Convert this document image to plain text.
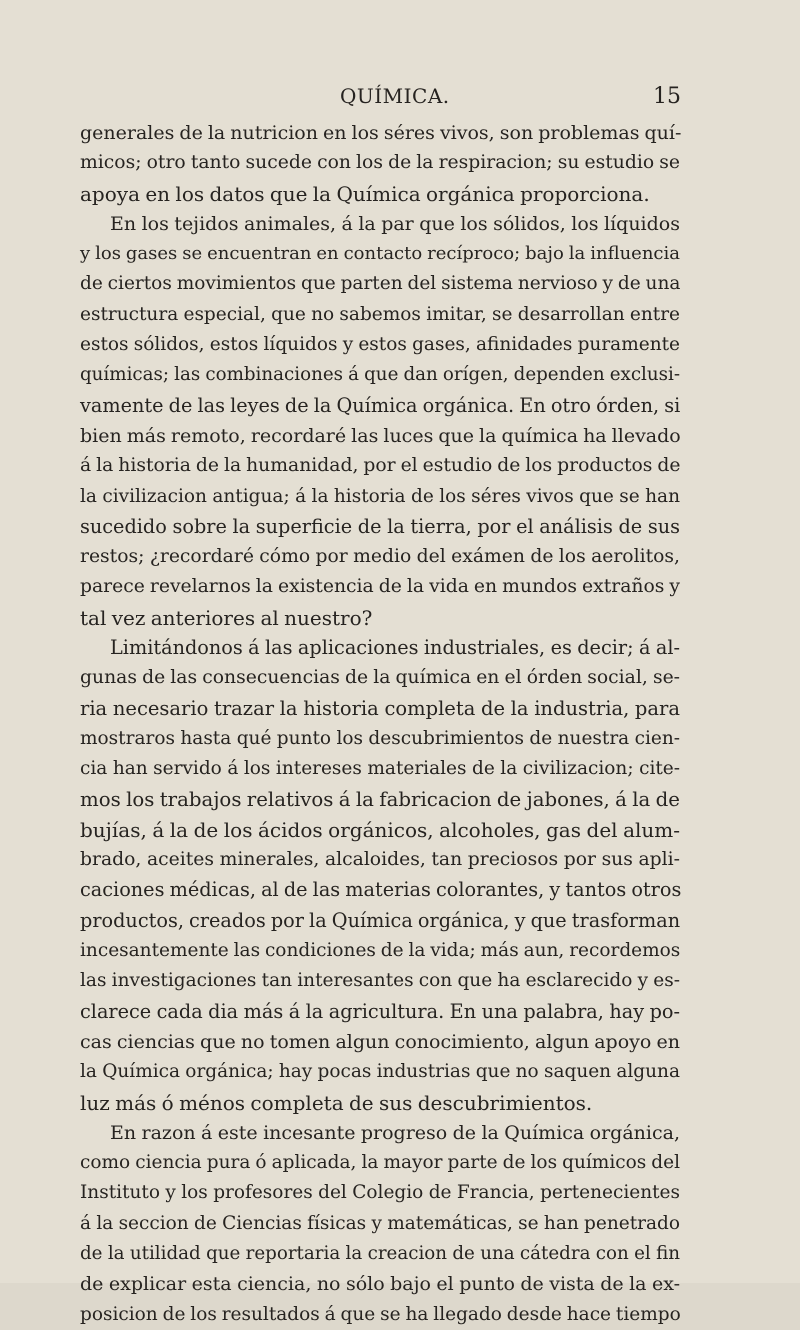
QUÍMICA.	15
generales de la nutricion en los séres vivos, son problemas quí-
micos; otro tanto sucede con los de la respiracion; su estudio se
apoya en los datos que la Química orgánica proporciona.
En los tejidos animales, á la par que los sólidos, los líquidos
y los gases se encuentran en contacto recíproco; bajo la influencia
de ciertos movimientos que parten del sistema nervioso y de una
estructura especial, que no sabemos imitar, se desarrollan entre
estos sólidos, estos líquidos y estos gases, afinidades puramente
químicas; las combinaciones á que dan orígen, dependen exclusi-
vamente de las leyes de la Química orgánica. En otro órden, si
bien más remoto, recordaré las luces que la química ha llevado
á la historia de la humanidad, por el estudio de los productos de
la civilizacion antigua; á la historia de los séres vivos que se han
sucedido sobre la superficie de la tierra, por el análisis de sus
restos; ¿recordaré cómo por medio del exámen de los aerolitos,
parece revelarnos la existencia de la vida en mundos extraños y
tal vez anteriores al nuestro?
Limitándonos á las aplicaciones industriales, es decir; á al-
gunas de las consecuencias de la química en el órden social, se-
ria necesario trazar la historia completa de la industria, para
mostraros hasta qué punto los descubrimientos de nuestra cien-
cia han servido á los intereses materiales de la civilizacion; cite-
mos los trabajos relativos á la fabricacion de jabones, á la de
bujías, á la de los ácidos orgánicos, alcoholes, gas del alum-
brado, aceites minerales, alcaloides, tan preciosos por sus apli-
caciones médicas, al de las materias colorantes, y tantos otros
productos, creados por la Química orgánica, y que trasforman
incesantemente las condiciones de la vida; más aun, recordemos
las investigaciones tan interesantes con que ha esclarecido y es-
clarece cada dia más á la agricultura. En una palabra, hay po-
cas ciencias que no tomen algun conocimiento, algun apoyo en
la Química orgánica; hay pocas industrias que no saquen alguna
luz más ó ménos completa de sus descubrimientos.
En razon á este incesante progreso de la Química orgánica,
como ciencia pura ó aplicada, la mayor parte de los químicos del
Instituto y los profesores del Colegio de Francia, pertenecientes
á la seccion de Ciencias físicas y matemáticas, se han penetrado
de la utilidad que reportaria la creacion de una cátedra con el fin
de explicar esta ciencia, no sólo bajo el punto de vista de la ex-
posicion de los resultados á que se ha llegado desde hace tiempo
